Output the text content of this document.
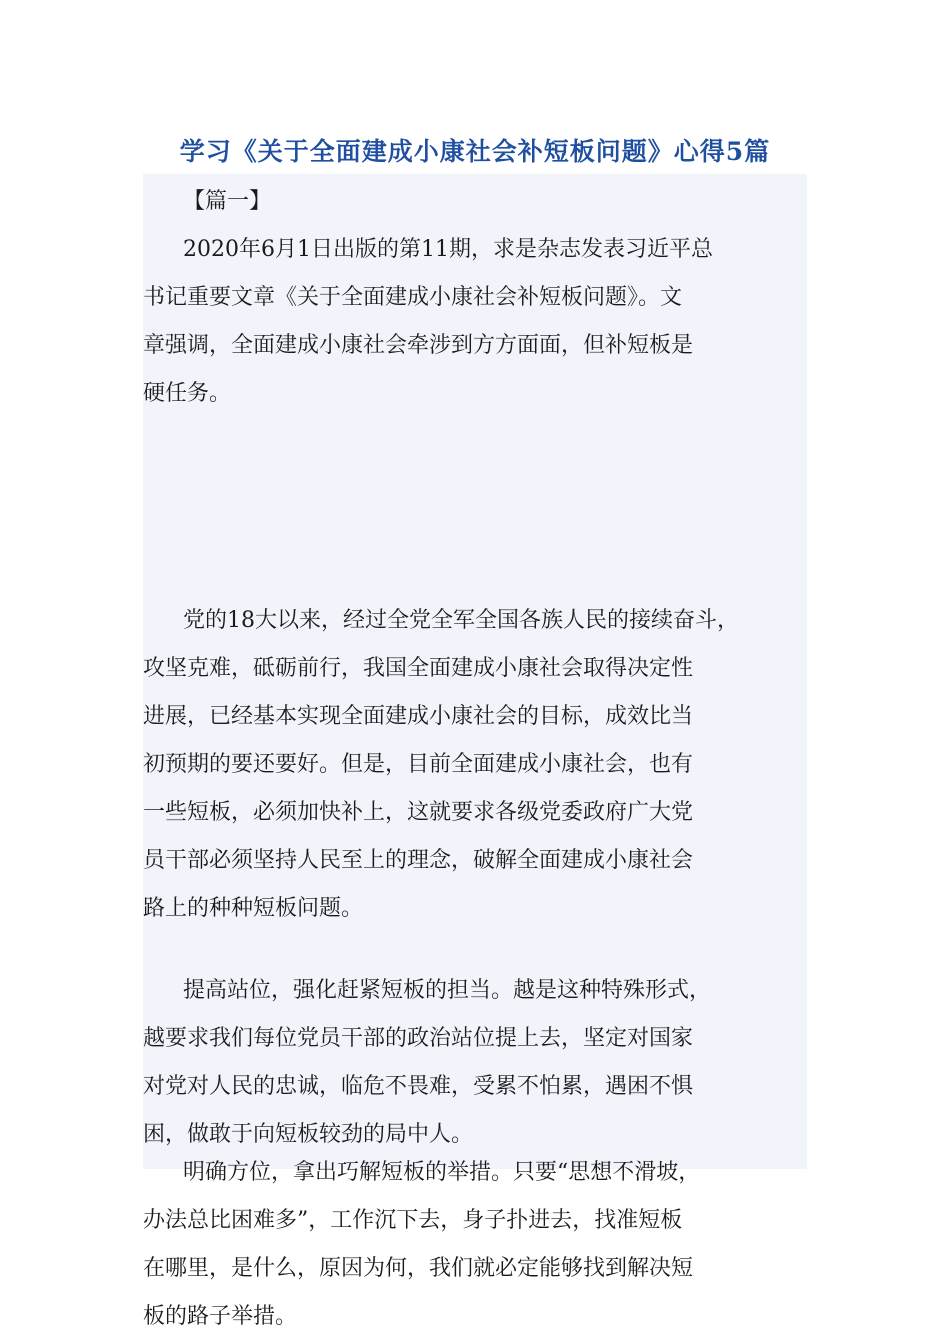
学习《关于全面建成小康社会补短板问题》心得5篇

【篇一】

2020年6月1日出版的第11期，求是杂志发表习近平总
书记重要文章《关于全面建成小康社会补短板问题》。文
章强调，全面建成小康社会牵涉到方方面面，但补短板是
硬任务。

党的18大以来，经过全党全军全国各族人民的接续奋斗，
攻坚克难，砥砺前行，我国全面建成小康社会取得决定性
进展，已经基本实现全面建成小康社会的目标，成效比当
初预期的要还要好。但是，目前全面建成小康社会，也有
一些短板，必须加快补上，这就要求各级党委政府广大党
员干部必须坚持人民至上的理念，破解全面建成小康社会
路上的种种短板问题。

提高站位，强化赶紧短板的担当。越是这种特殊形式，
越要求我们每位党员干部的政治站位提上去，坚定对国家
对党对人民的忠诚，临危不畏难，受累不怕累，遇困不惧
困，做敢于向短板较劲的局中人。

明确方位，拿出巧解短板的举措。只要“思想不滑坡，
办法总比困难多”，工作沉下去，身子扑进去，找准短板
在哪里，是什么，原因为何，我们就必定能够找到解决短
板的路子举措。
